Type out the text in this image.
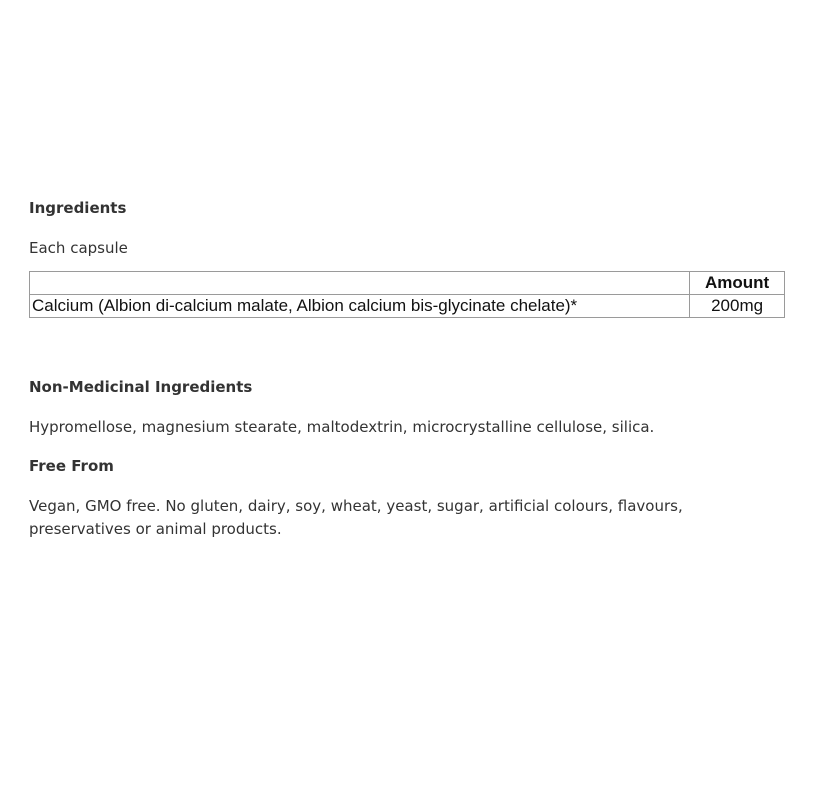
Ingredients
Each capsule
	Amount
Calcium (Albion di-calcium malate, Albion calcium bis-glycinate chelate)*	200mg
Non-Medicinal Ingredients
Hypromellose, magnesium stearate, maltodextrin, microcrystalline cellulose, silica.
Free From
Vegan, GMO free. No gluten, dairy, soy, wheat, yeast, sugar, artificial colours, flavours, preservatives or animal products.
